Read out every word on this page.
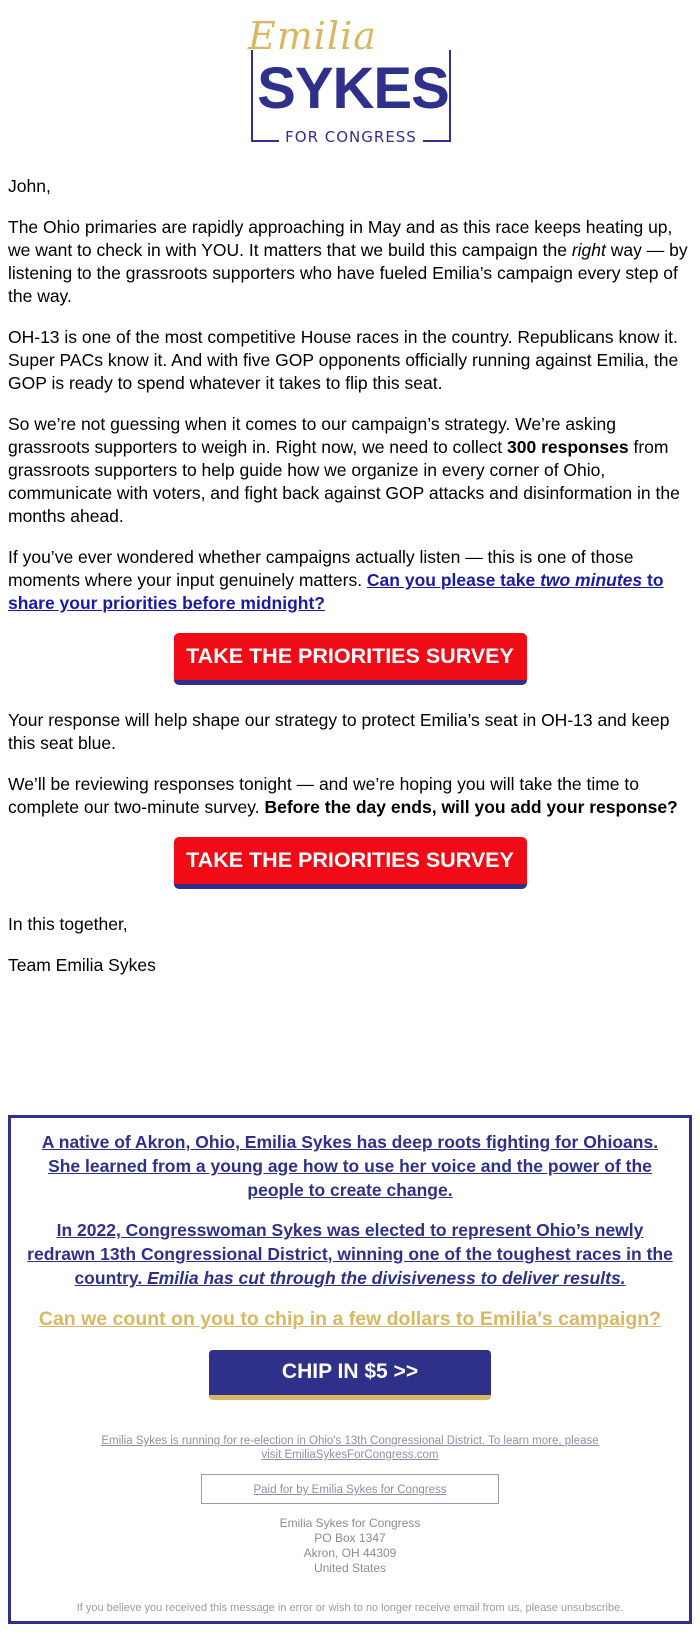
Emilia
SYKES
FOR CONGRESS

John,

The Ohio primaries are rapidly approaching in May and as this race keeps heating up, we want to check in with YOU. It matters that we build this campaign the right way — by listening to the grassroots supporters who have fueled Emilia’s campaign every step of the way.

OH-13 is one of the most competitive House races in the country. Republicans know it. Super PACs know it. And with five GOP opponents officially running against Emilia, the GOP is ready to spend whatever it takes to flip this seat.

So we’re not guessing when it comes to our campaign’s strategy. We’re asking grassroots supporters to weigh in. Right now, we need to collect 300 responses from grassroots supporters to help guide how we organize in every corner of Ohio, communicate with voters, and fight back against GOP attacks and disinformation in the months ahead.

If you’ve ever wondered whether campaigns actually listen — this is one of those moments where your input genuinely matters. Can you please take two minutes to share your priorities before midnight?

TAKE THE PRIORITIES SURVEY

Your response will help shape our strategy to protect Emilia’s seat in OH-13 and keep this seat blue.

We’ll be reviewing responses tonight — and we’re hoping you will take the time to complete our two-minute survey. Before the day ends, will you add your response?

TAKE THE PRIORITIES SURVEY

In this together,

Team Emilia Sykes

A native of Akron, Ohio, Emilia Sykes has deep roots fighting for Ohioans. She learned from a young age how to use her voice and the power of the people to create change.

In 2022, Congresswoman Sykes was elected to represent Ohio’s newly redrawn 13th Congressional District, winning one of the toughest races in the country. Emilia has cut through the divisiveness to deliver results.

Can we count on you to chip in a few dollars to Emilia's campaign?

CHIP IN $5 >>
Emilia Sykes is running for re-election in Ohio's 13th Congressional District. To learn more, please visit EmiliaSykesForCongress.com
Paid for by Emilia Sykes for Congress
Emilia Sykes for Congress
PO Box 1347
Akron, OH 44309
United States
If you believe you received this message in error or wish to no longer receive email from us, please unsubscribe.
